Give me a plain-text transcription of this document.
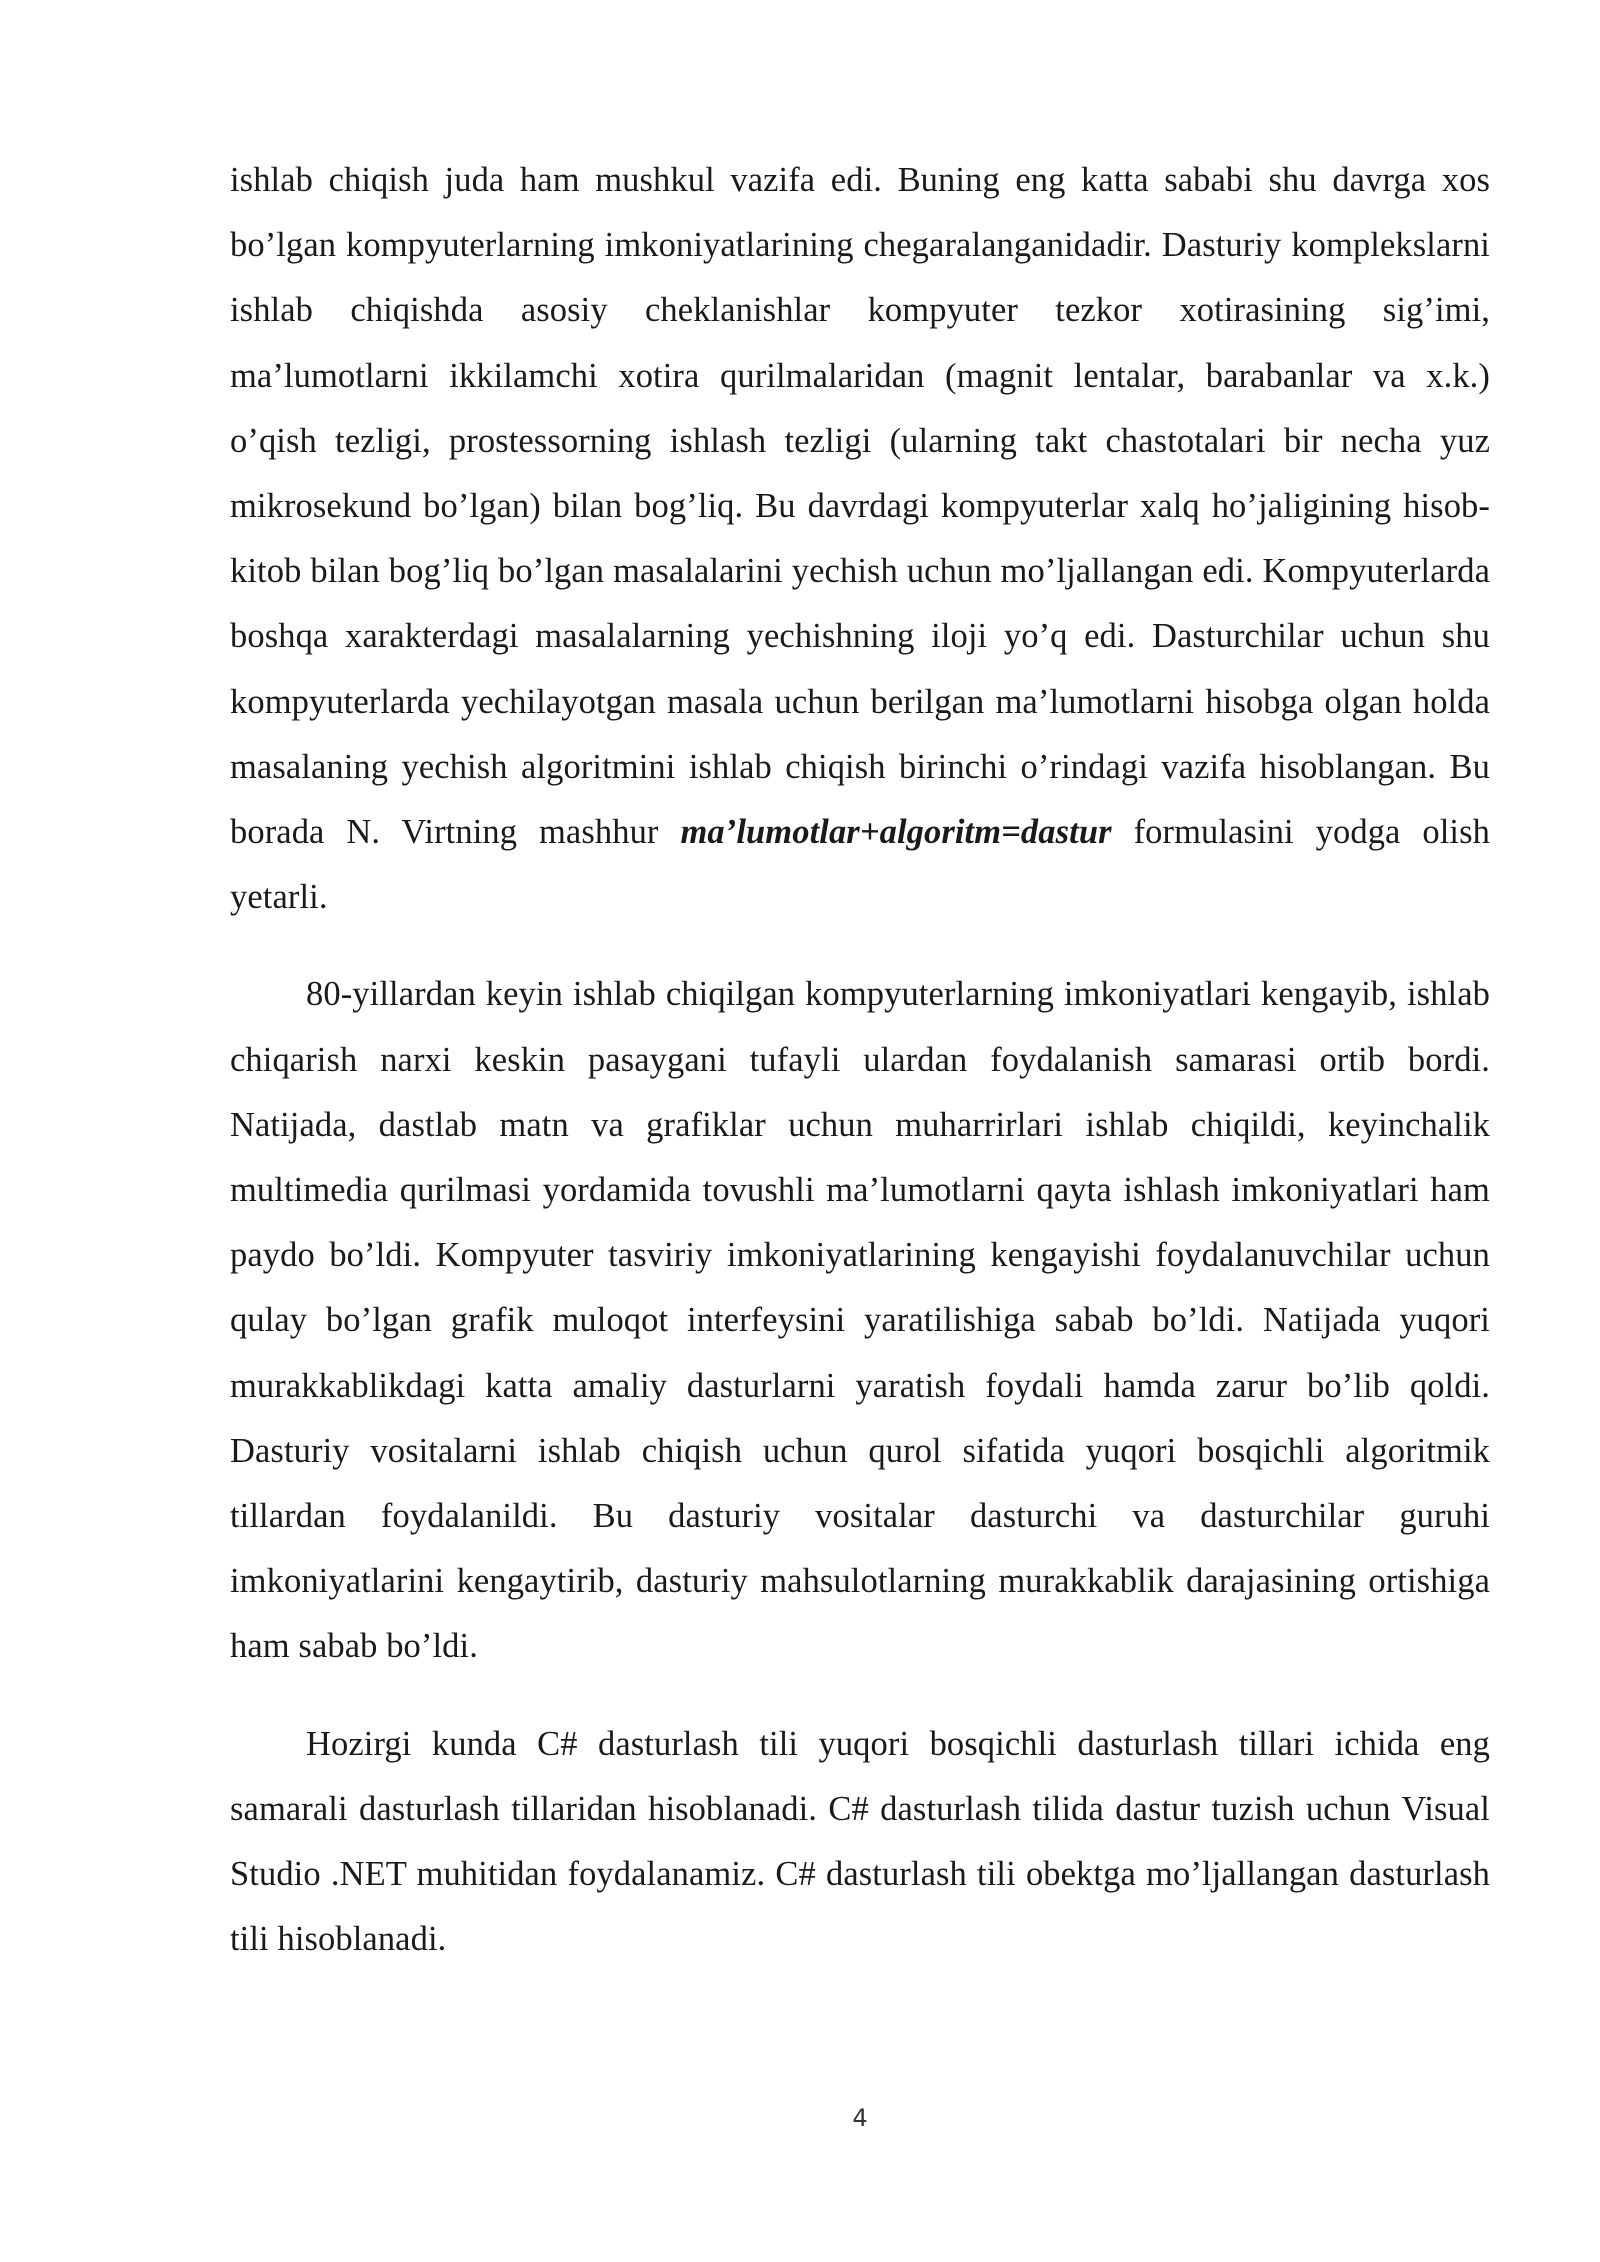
ishlab chiqish juda ham mushkul vazifa edi. Buning eng katta sababi shu davrga xos bo’lgan kompyuterlarning imkoniyatlarining chegaralanganidadir. Dasturiy komplekslarni ishlab chiqishda asosiy cheklanishlar kompyuter tezkor xotirasining sig’imi, ma’lumotlarni ikkilamchi xotira qurilmalaridan (magnit lentalar, barabanlar va x.k.) o’qish tezligi, prostessorning ishlash tezligi (ularning takt chastotalari bir necha yuz mikrosekund bo’lgan) bilan bog’liq. Bu davrdagi kompyuterlar xalq ho’jaligining hisob-kitob bilan bog’liq bo’lgan masalalarini yechish uchun mo’ljallangan edi. Kompyuterlarda boshqa xarakterdagi masalalarning yechishning iloji yo’q edi. Dasturchilar uchun shu kompyuterlarda yechilayotgan masala uchun berilgan ma’lumotlarni hisobga olgan holda masalaning yechish algoritmini ishlab chiqish birinchi o’rindagi vazifa hisoblangan. Bu borada N. Virtning mashhur ma’lumotlar+algoritm=dastur formulasini yodga olish yetarli.

80-yillardan keyin ishlab chiqilgan kompyuterlarning imkoniyatlari kengayib, ishlab chiqarish narxi keskin pasaygani tufayli ulardan foydalanish samarasi ortib bordi. Natijada, dastlab matn va grafiklar uchun muharrirlari ishlab chiqildi, keyinchalik multimedia qurilmasi yordamida tovushli ma’lumotlarni qayta ishlash imkoniyatlari ham paydo bo’ldi. Kompyuter tasviriy imkoniyatlarining kengayishi foydalanuvchilar uchun qulay bo’lgan grafik muloqot interfeysini yaratilishiga sabab bo’ldi. Natijada yuqori murakkablikdagi katta amaliy dasturlarni yaratish foydali hamda zarur bo’lib qoldi. Dasturiy vositalarni ishlab chiqish uchun qurol sifatida yuqori bosqichli algoritmik tillardan foydalanildi. Bu dasturiy vositalar dasturchi va dasturchilar guruhi imkoniyatlarini kengaytirib, dasturiy mahsulotlarning murakkablik darajasining ortishiga ham sabab bo’ldi.

Hozirgi kunda C# dasturlash tili yuqori bosqichli dasturlash tillari ichida eng samarali dasturlash tillaridan hisoblanadi. C# dasturlash tilida dastur tuzish uchun Visual Studio .NET muhitidan foydalanamiz. C# dasturlash tili obektga mo’ljallangan dasturlash tili hisoblanadi.

4
